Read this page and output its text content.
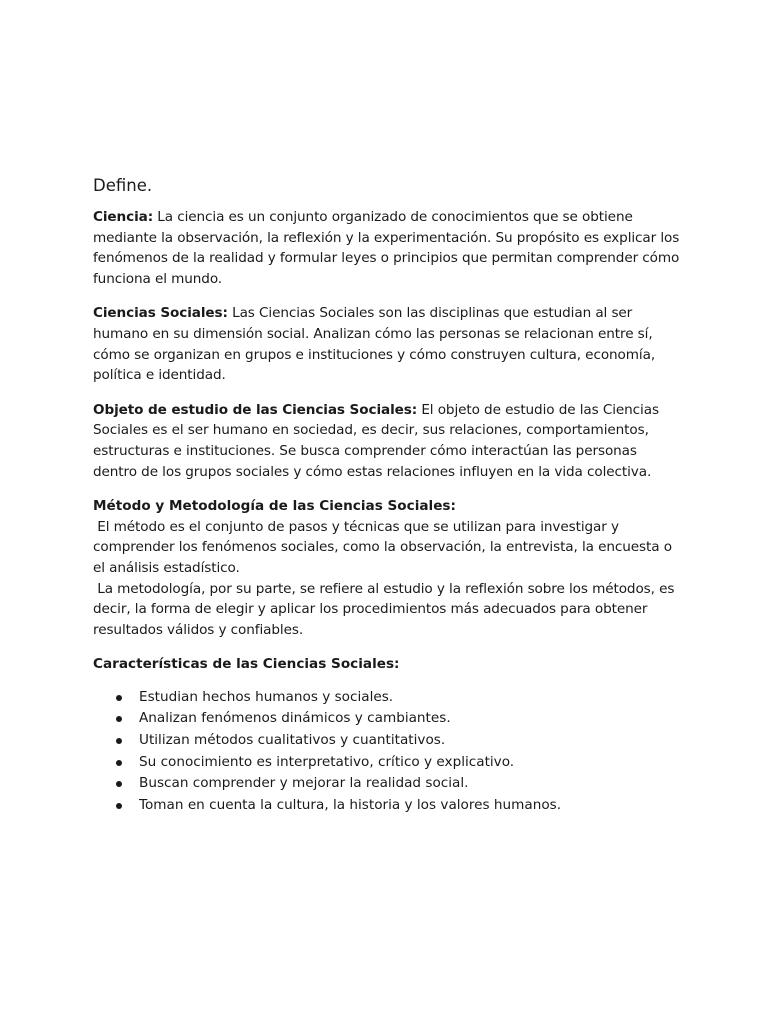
Define.

Ciencia: La ciencia es un conjunto organizado de conocimientos que se obtiene mediante la observación, la reflexión y la experimentación. Su propósito es explicar los fenómenos de la realidad y formular leyes o principios que permitan comprender cómo funciona el mundo.

Ciencias Sociales: Las Ciencias Sociales son las disciplinas que estudian al ser humano en su dimensión social. Analizan cómo las personas se relacionan entre sí, cómo se organizan en grupos e instituciones y cómo construyen cultura, economía, política e identidad.

Objeto de estudio de las Ciencias Sociales: El objeto de estudio de las Ciencias Sociales es el ser humano en sociedad, es decir, sus relaciones, comportamientos, estructuras e instituciones. Se busca comprender cómo interactúan las personas dentro de los grupos sociales y cómo estas relaciones influyen en la vida colectiva.

Método y Metodología de las Ciencias Sociales:

El método es el conjunto de pasos y técnicas que se utilizan para investigar y comprender los fenómenos sociales, como la observación, la entrevista, la encuesta o el análisis estadístico.

La metodología, por su parte, se refiere al estudio y la reflexión sobre los métodos, es decir, la forma de elegir y aplicar los procedimientos más adecuados para obtener resultados válidos y confiables.

Características de las Ciencias Sociales:

Estudian hechos humanos y sociales.
Analizan fenómenos dinámicos y cambiantes.
Utilizan métodos cualitativos y cuantitativos.
Su conocimiento es interpretativo, crítico y explicativo.
Buscan comprender y mejorar la realidad social.
Toman en cuenta la cultura, la historia y los valores humanos.
